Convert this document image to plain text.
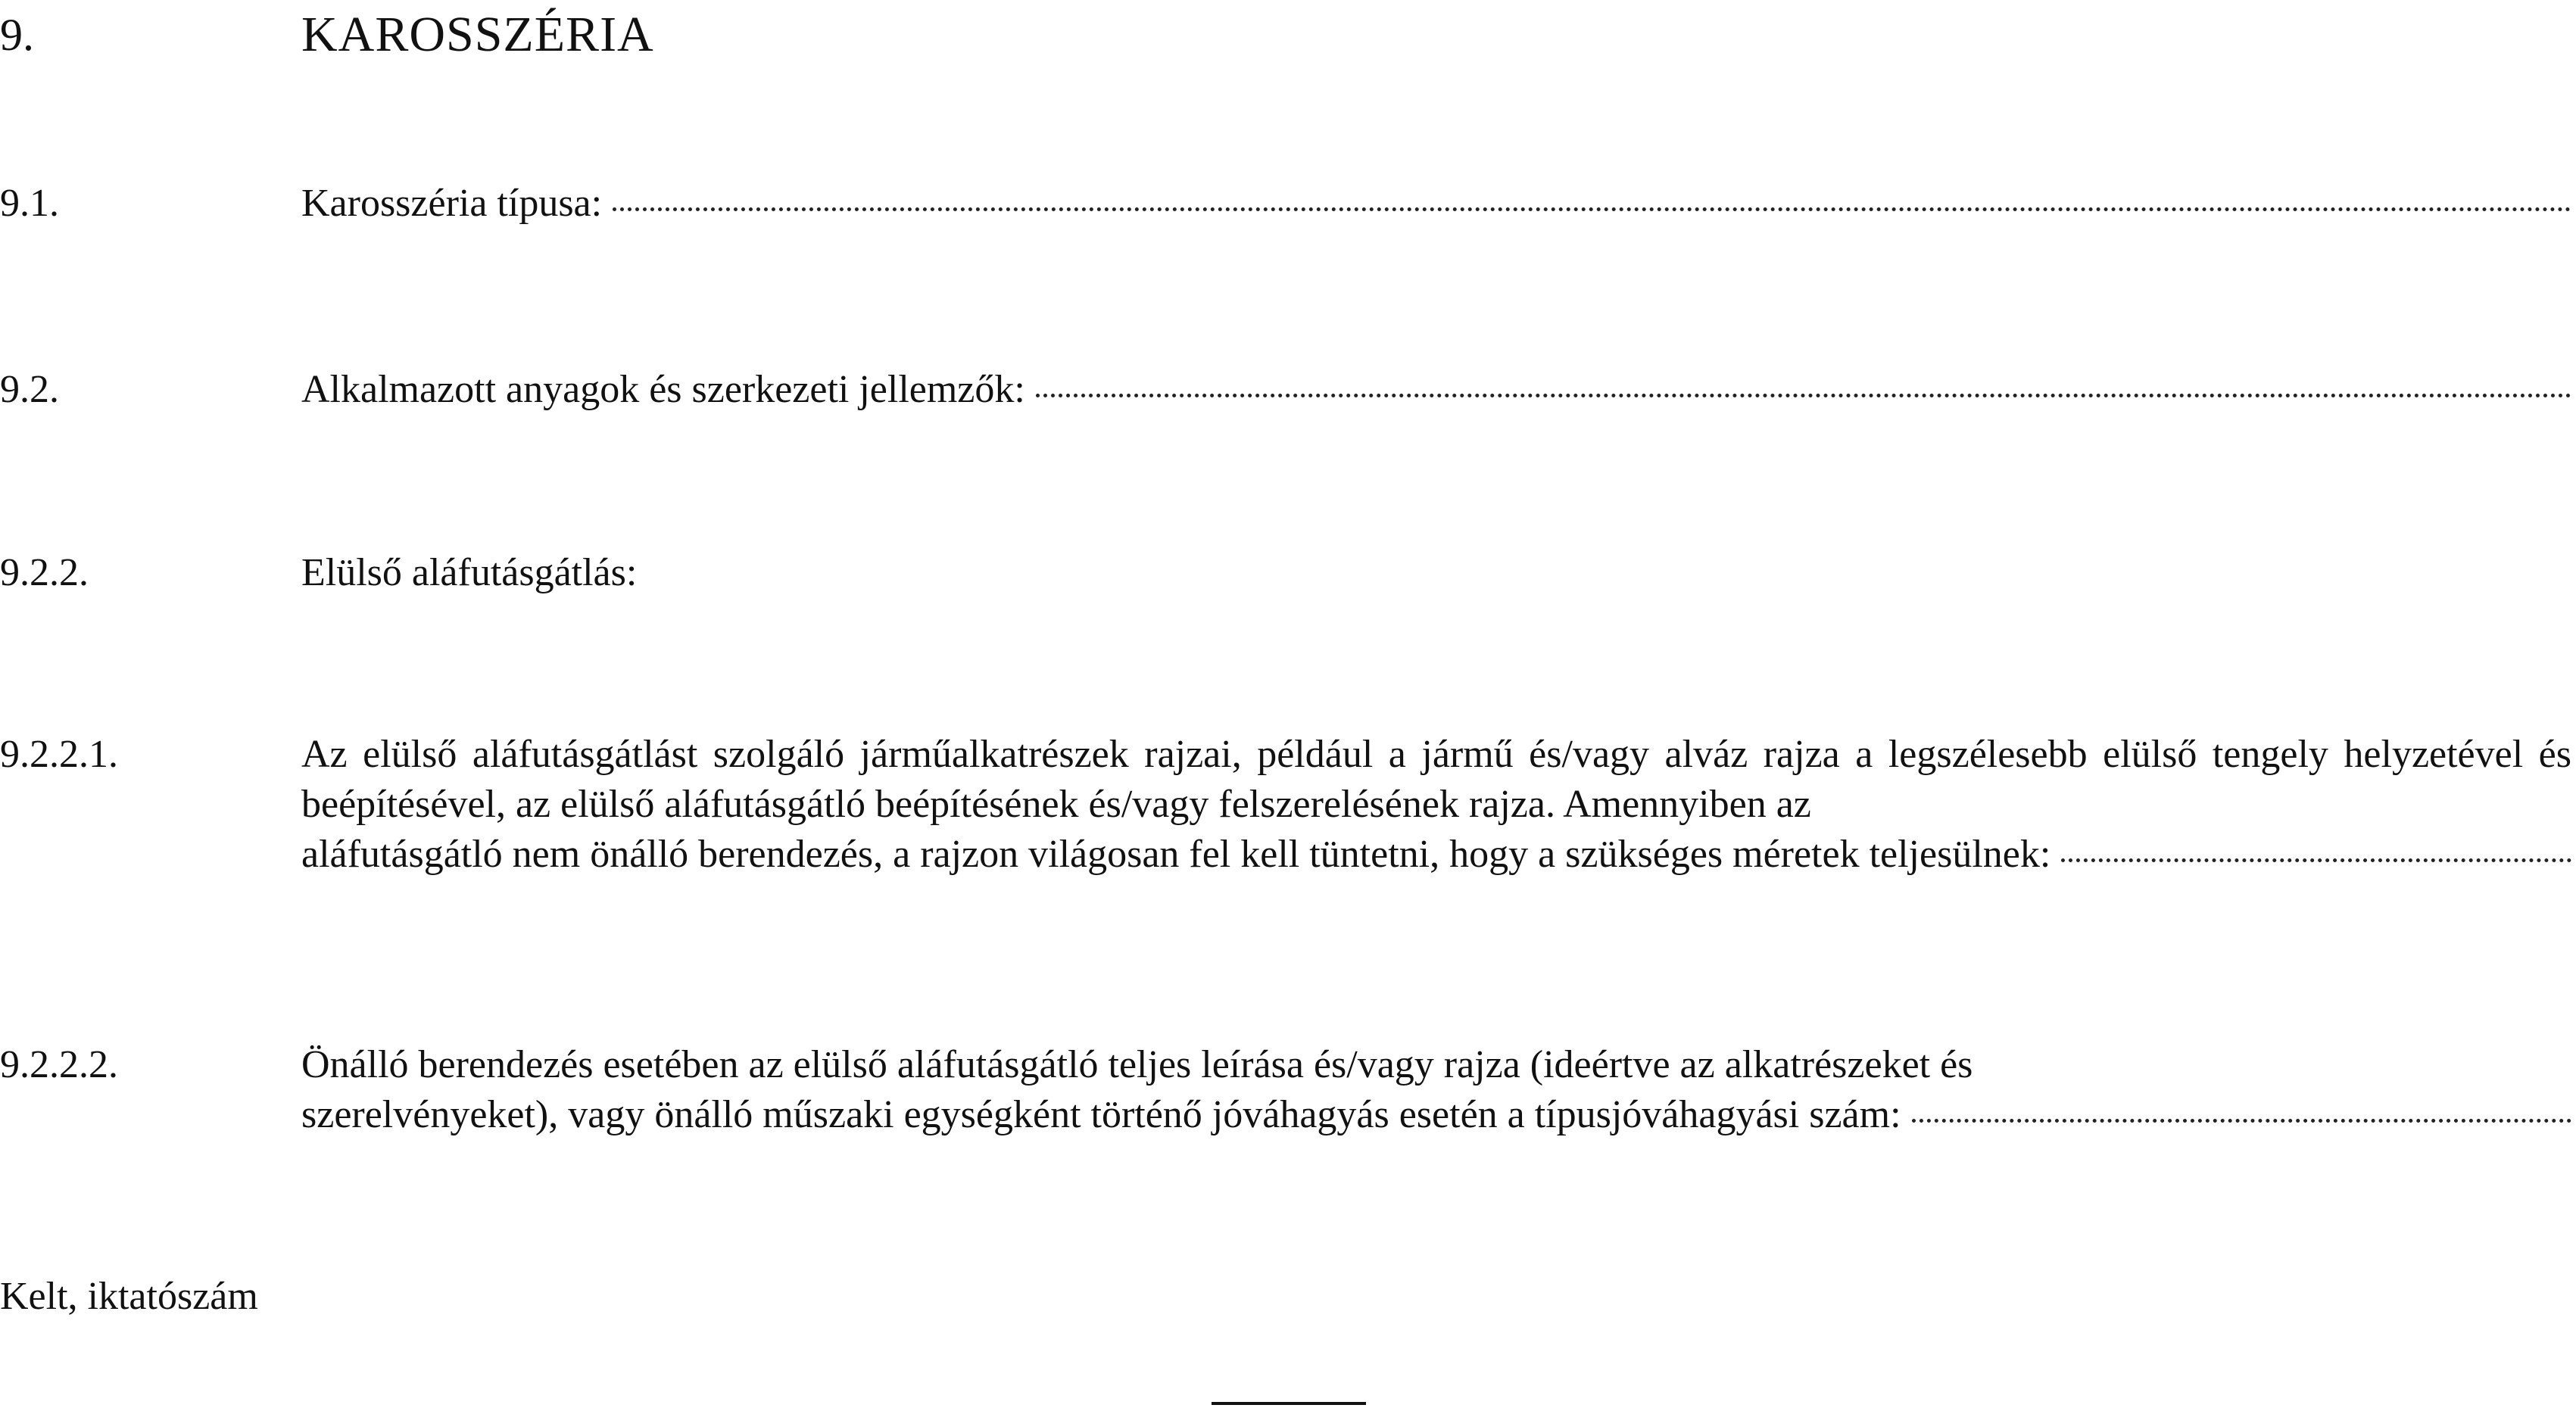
9.	KAROSSZÉRIA
9.1.	Karosszéria típusa:
9.2.	Alkalmazott anyagok és szerkezeti jellemzők:
9.2.2.	Elülső aláfutásgátlás:
9.2.2.1.	Az elülső aláfutásgátlást szolgáló járműalkatrészek rajzai, például a jármű és/vagy alváz rajza a legszélesebb elülső tengely helyzetével és beépítésével, az elülső aláfutásgátló beépítésének és/vagy felszerelésének rajza. Amennyiben az
aláfutásgátló nem önálló berendezés, a rajzon világosan fel kell tüntetni, hogy a szükséges méretek teljesülnek:
9.2.2.2.	Önálló berendezés esetében az elülső aláfutásgátló teljes leírása és/vagy rajza (ideértve az alkatrészeket és
szerelvényeket), vagy önálló műszaki egységként történő jóváhagyás esetén a típusjóváhagyási szám:
Kelt, iktatószám
